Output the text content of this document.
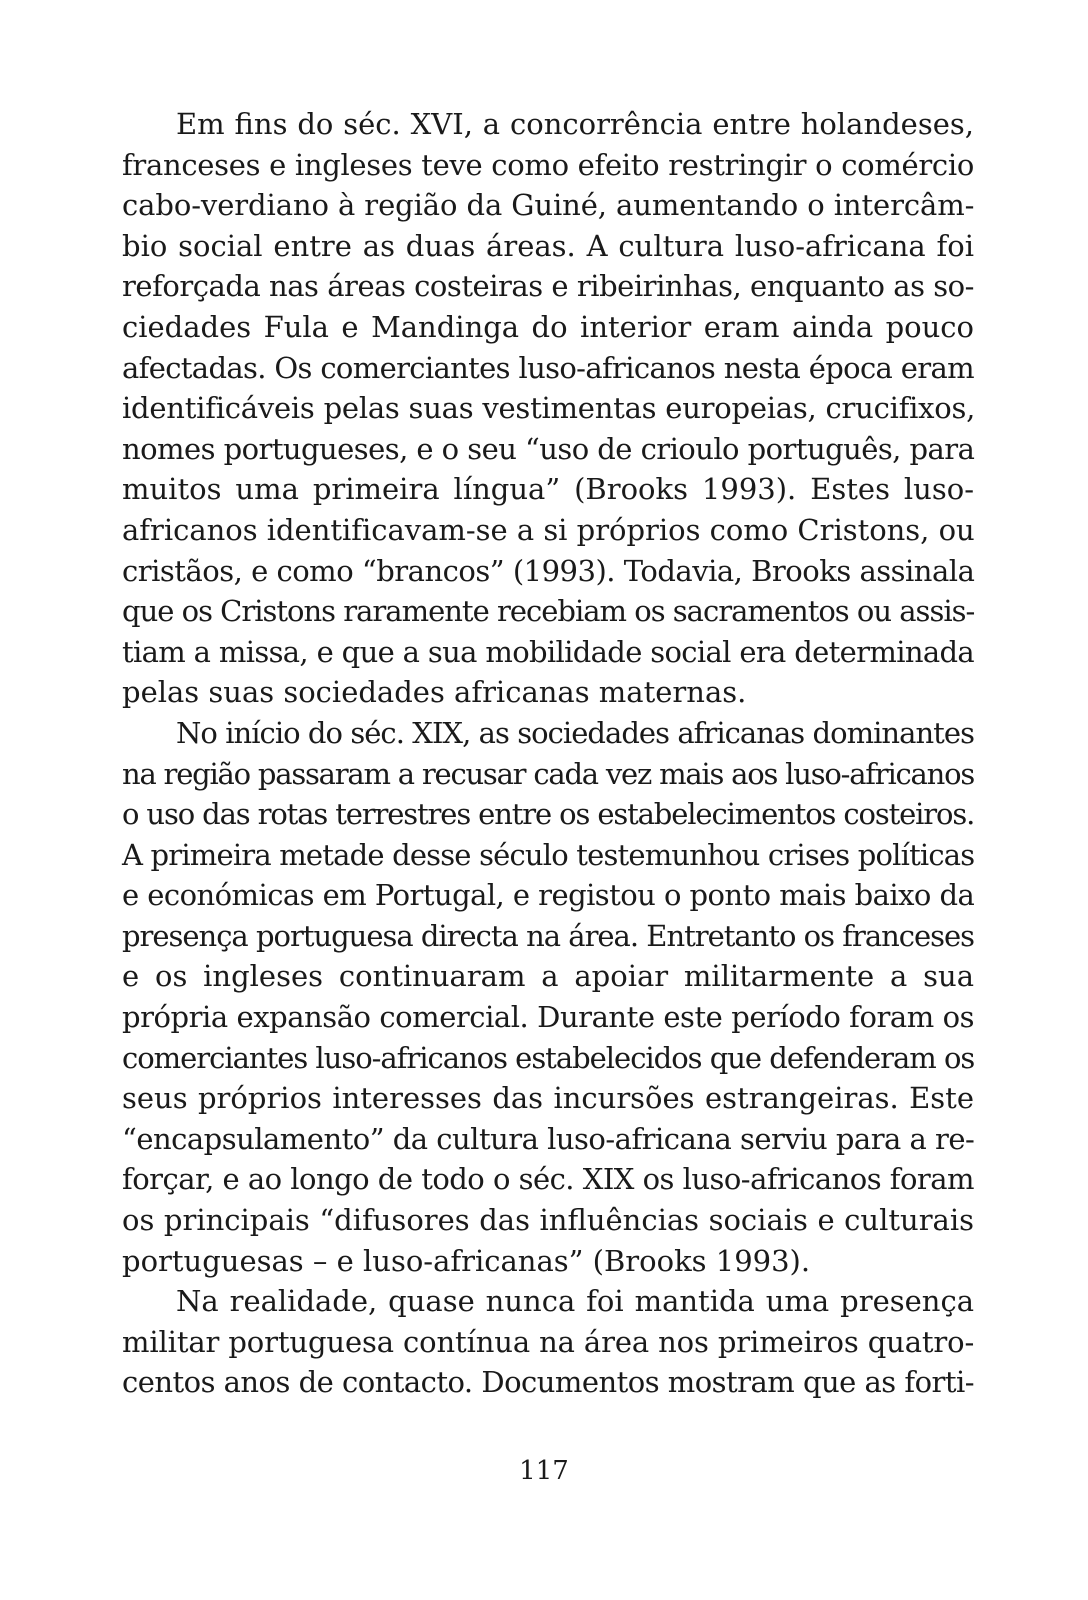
Em fins do séc. XVI, a concorrência entre holandeses,
franceses e ingleses teve como efeito restringir o comércio
cabo-verdiano à região da Guiné, aumentando o intercâm-
bio social entre as duas áreas. A cultura luso-africana foi
reforçada nas áreas costeiras e ribeirinhas, enquanto as so-
ciedades Fula e Mandinga do interior eram ainda pouco
afectadas. Os comerciantes luso-africanos nesta época eram
identificáveis pelas suas vestimentas europeias, crucifixos,
nomes portugueses, e o seu “uso de crioulo português, para
muitos uma primeira língua” (Brooks 1993). Estes luso-
africanos identificavam-se a si próprios como Cristons, ou
cristãos, e como “brancos” (1993). Todavia, Brooks assinala
que os Cristons raramente recebiam os sacramentos ou assis-
tiam a missa, e que a sua mobilidade social era determinada
pelas suas sociedades africanas maternas.
No início do séc. XIX, as sociedades africanas dominantes
na região passaram a recusar cada vez mais aos luso-africanos
o uso das rotas terrestres entre os estabelecimentos costeiros.
A primeira metade desse século testemunhou crises políticas
e económicas em Portugal, e registou o ponto mais baixo da
presença portuguesa directa na área. Entretanto os franceses
e os ingleses continuaram a apoiar militarmente a sua
própria expansão comercial. Durante este período foram os
comerciantes luso-africanos estabelecidos que defenderam os
seus próprios interesses das incursões estrangeiras. Este
“encapsulamento” da cultura luso-africana serviu para a re-
forçar, e ao longo de todo o séc. XIX os luso-africanos foram
os principais “difusores das influências sociais e culturais
portuguesas – e luso-africanas” (Brooks 1993).
Na realidade, quase nunca foi mantida uma presença
militar portuguesa contínua na área nos primeiros quatro-
centos anos de contacto. Documentos mostram que as forti-
117
